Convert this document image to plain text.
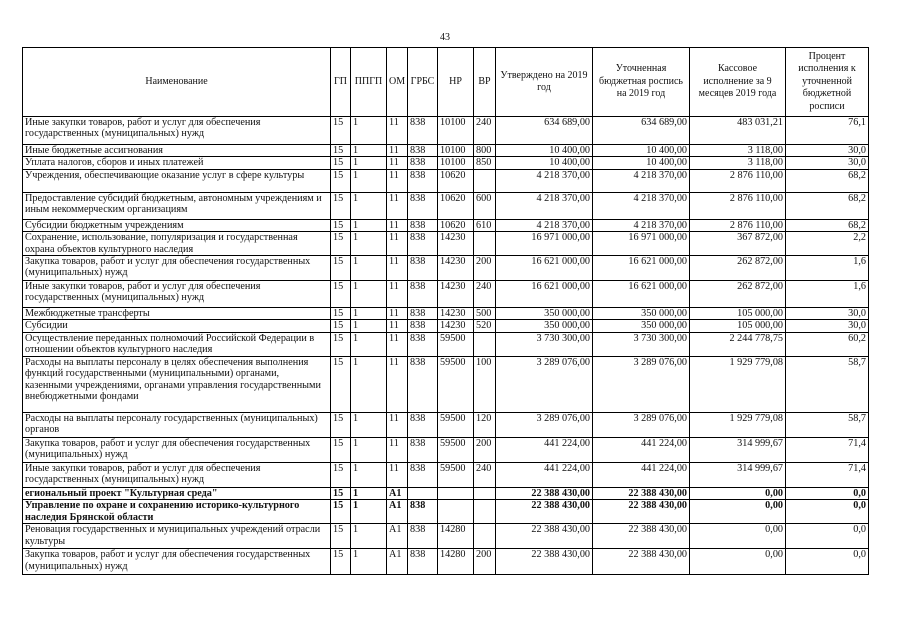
43
Наименование	ГП	ППГП	ОМ	ГРБС	НР	ВР	Утверждено на 2019 год	Уточненная бюджетная роспись на 2019 год	Кассовое исполнение за 9 месяцев 2019 года	Процент исполнения к уточненной бюджетной росписи
Иные закупки товаров, работ и услуг для обеспечения государственных (муниципальных) нужд	15	1	11	838	10100	240	634 689,00	634 689,00	483 031,21	76,1
Иные бюджетные ассигнования	15	1	11	838	10100	800	10 400,00	10 400,00	3 118,00	30,0
Уплата налогов, сборов и иных платежей	15	1	11	838	10100	850	10 400,00	10 400,00	3 118,00	30,0
Учреждения, обеспечивающие оказание услуг в сфере культуры	15	1	11	838	10620		4 218 370,00	4 218 370,00	2 876 110,00	68,2
Предоставление субсидий бюджетным, автономным учреждениям и иным некоммерческим организациям	15	1	11	838	10620	600	4 218 370,00	4 218 370,00	2 876 110,00	68,2
Субсидии бюджетным учреждениям	15	1	11	838	10620	610	4 218 370,00	4 218 370,00	2 876 110,00	68,2
Сохранение, использование, популяризация и государственная охрана объектов культурного наследия	15	1	11	838	14230		16 971 000,00	16 971 000,00	367 872,00	2,2
Закупка товаров, работ и услуг для обеспечения государственных (муниципальных) нужд	15	1	11	838	14230	200	16 621 000,00	16 621 000,00	262 872,00	1,6
Иные закупки товаров, работ и услуг для обеспечения государственных (муниципальных) нужд	15	1	11	838	14230	240	16 621 000,00	16 621 000,00	262 872,00	1,6
Межбюджетные трансферты	15	1	11	838	14230	500	350 000,00	350 000,00	105 000,00	30,0
Субсидии	15	1	11	838	14230	520	350 000,00	350 000,00	105 000,00	30,0
Осуществление переданных полномочий Российской Федерации в отношении объектов культурного наследия	15	1	11	838	59500		3 730 300,00	3 730 300,00	2 244 778,75	60,2
Расходы на выплаты персоналу в целях обеспечения выполнения функций государственными (муниципальными) органами, казенными учреждениями, органами управления государственными внебюджетными фондами	15	1	11	838	59500	100	3 289 076,00	3 289 076,00	1 929 779,08	58,7
Расходы на выплаты персоналу государственных (муниципальных) органов	15	1	11	838	59500	120	3 289 076,00	3 289 076,00	1 929 779,08	58,7
Закупка товаров, работ и услуг для обеспечения государственных (муниципальных) нужд	15	1	11	838	59500	200	441 224,00	441 224,00	314 999,67	71,4
Иные закупки товаров, работ и услуг для обеспечения государственных (муниципальных) нужд	15	1	11	838	59500	240	441 224,00	441 224,00	314 999,67	71,4
егиональный проект "Культурная среда"	15	1	A1				22 388 430,00	22 388 430,00	0,00	0,0
Управление по охране и сохранению историко-культурного наследия Брянской области	15	1	A1	838			22 388 430,00	22 388 430,00	0,00	0,0
Реновация государственных и муниципальных учреждений отрасли культуры	15	1	A1	838	14280		22 388 430,00	22 388 430,00	0,00	0,0
Закупка товаров, работ и услуг для обеспечения государственных (муниципальных) нужд	15	1	A1	838	14280	200	22 388 430,00	22 388 430,00	0,00	0,0
